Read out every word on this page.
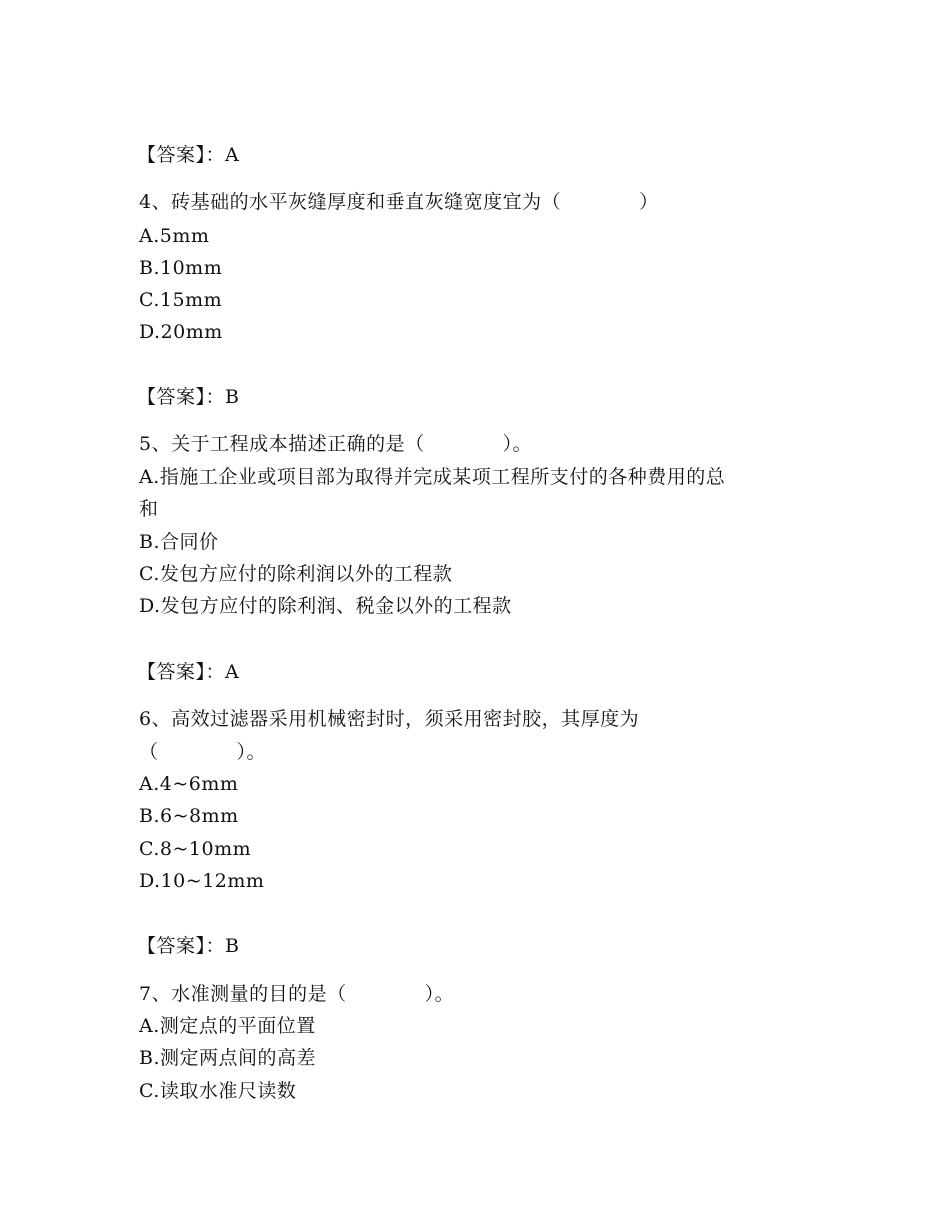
【答案】：A
4、砖基础的水平灰缝厚度和垂直灰缝宽度宜为（　　　　）
A.5mm
B.10mm
C.15mm
D.20mm
【答案】：B
5、关于工程成本描述正确的是（　　　　）。
A.指施工企业或项目部为取得并完成某项工程所支付的各种费用的总
和
B.合同价
C.发包方应付的除利润以外的工程款
D.发包方应付的除利润、税金以外的工程款
【答案】：A
6、高效过滤器采用机械密封时，须采用密封胶，其厚度为
（　　　　）。
A.4~6mm
B.6~8mm
C.8~10mm
D.10~12mm
【答案】：B
7、水准测量的目的是（　　　　）。
A.测定点的平面位置
B.测定两点间的高差
C.读取水准尺读数
